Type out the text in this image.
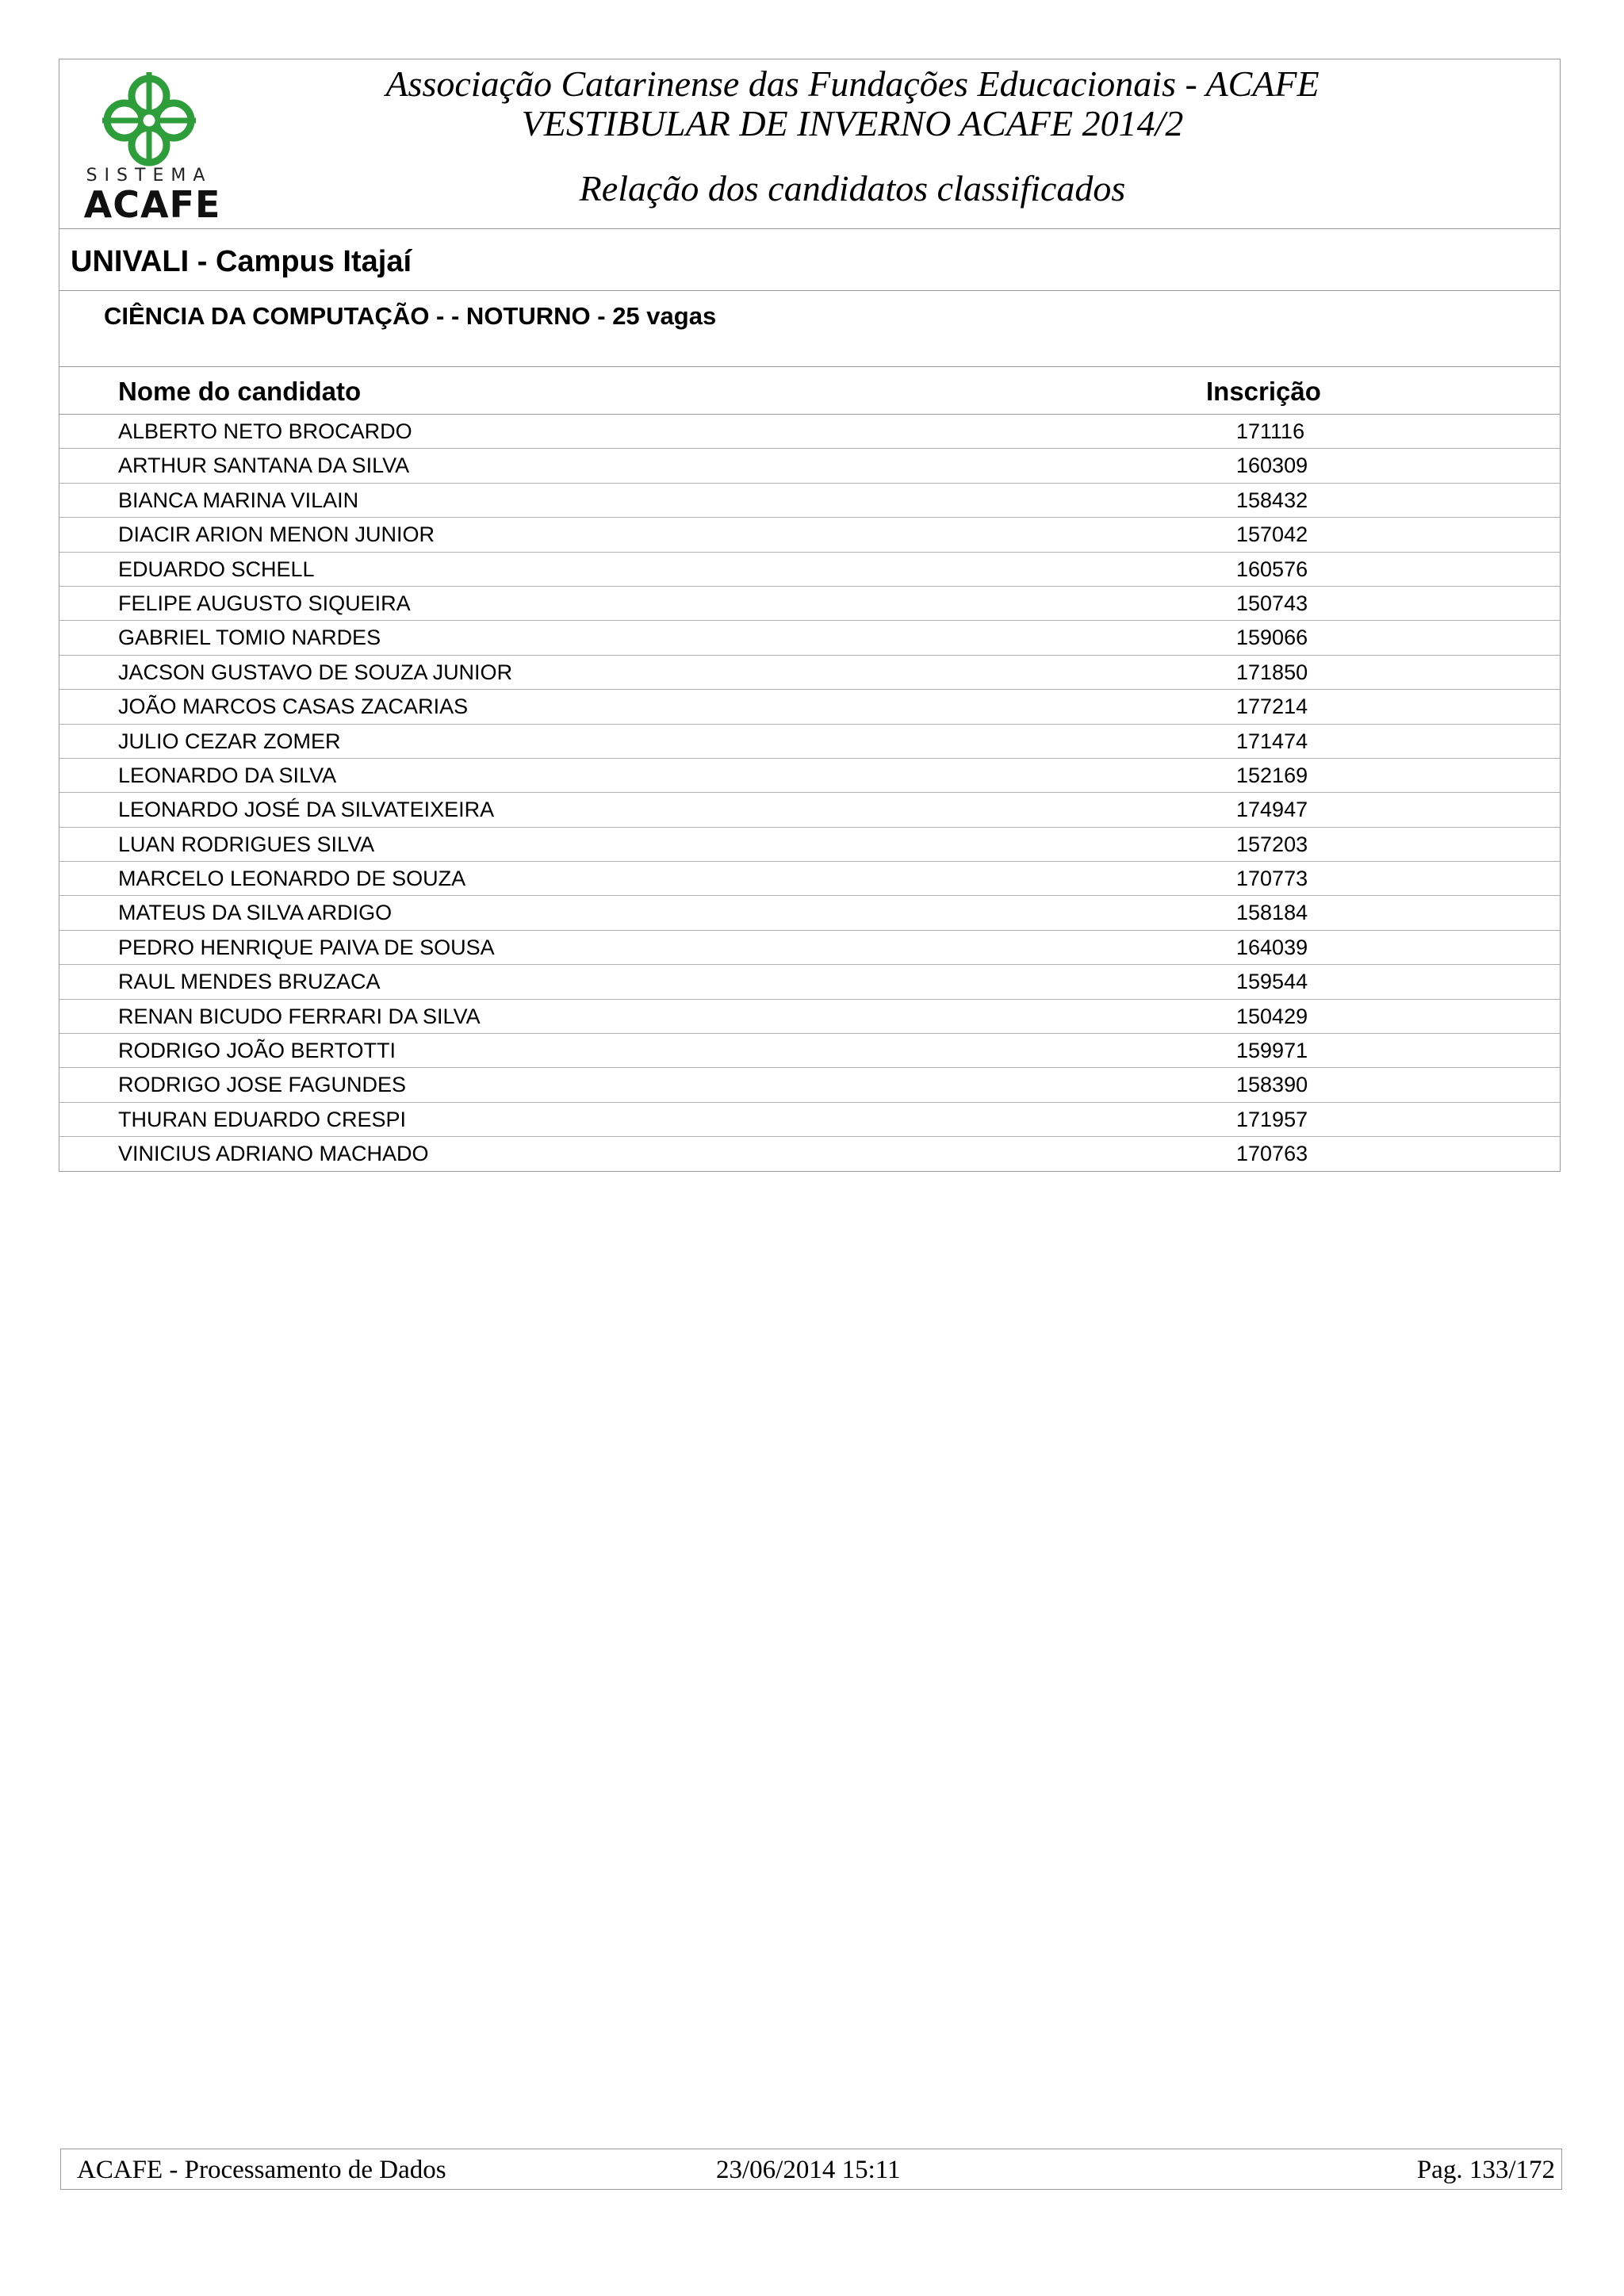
SISTEMA
ACAFE
Associação Catarinense das Fundações Educacionais - ACAFE
VESTIBULAR DE INVERNO ACAFE 2014/2
Relação dos candidatos classificados
UNIVALI - Campus Itajaí
CIÊNCIA DA COMPUTAÇÃO - - NOTURNO - 25 vagas
Nome do candidato	Inscrição
ALBERTO NETO BROCARDO	171116
ARTHUR SANTANA DA SILVA	160309
BIANCA MARINA VILAIN	158432
DIACIR ARION MENON JUNIOR	157042
EDUARDO SCHELL	160576
FELIPE AUGUSTO SIQUEIRA	150743
GABRIEL TOMIO NARDES	159066
JACSON GUSTAVO DE SOUZA JUNIOR	171850
JOÃO MARCOS CASAS ZACARIAS	177214
JULIO CEZAR ZOMER	171474
LEONARDO DA SILVA	152169
LEONARDO JOSÉ DA SILVATEIXEIRA	174947
LUAN RODRIGUES SILVA	157203
MARCELO LEONARDO DE SOUZA	170773
MATEUS DA SILVA ARDIGO	158184
PEDRO HENRIQUE PAIVA DE SOUSA	164039
RAUL MENDES BRUZACA	159544
RENAN BICUDO FERRARI DA SILVA	150429
RODRIGO JOÃO BERTOTTI	159971
RODRIGO JOSE FAGUNDES	158390
THURAN EDUARDO CRESPI	171957
VINICIUS ADRIANO MACHADO	170763
ACAFE - Processamento de Dados	23/06/2014 15:11	Pag. 133/172
